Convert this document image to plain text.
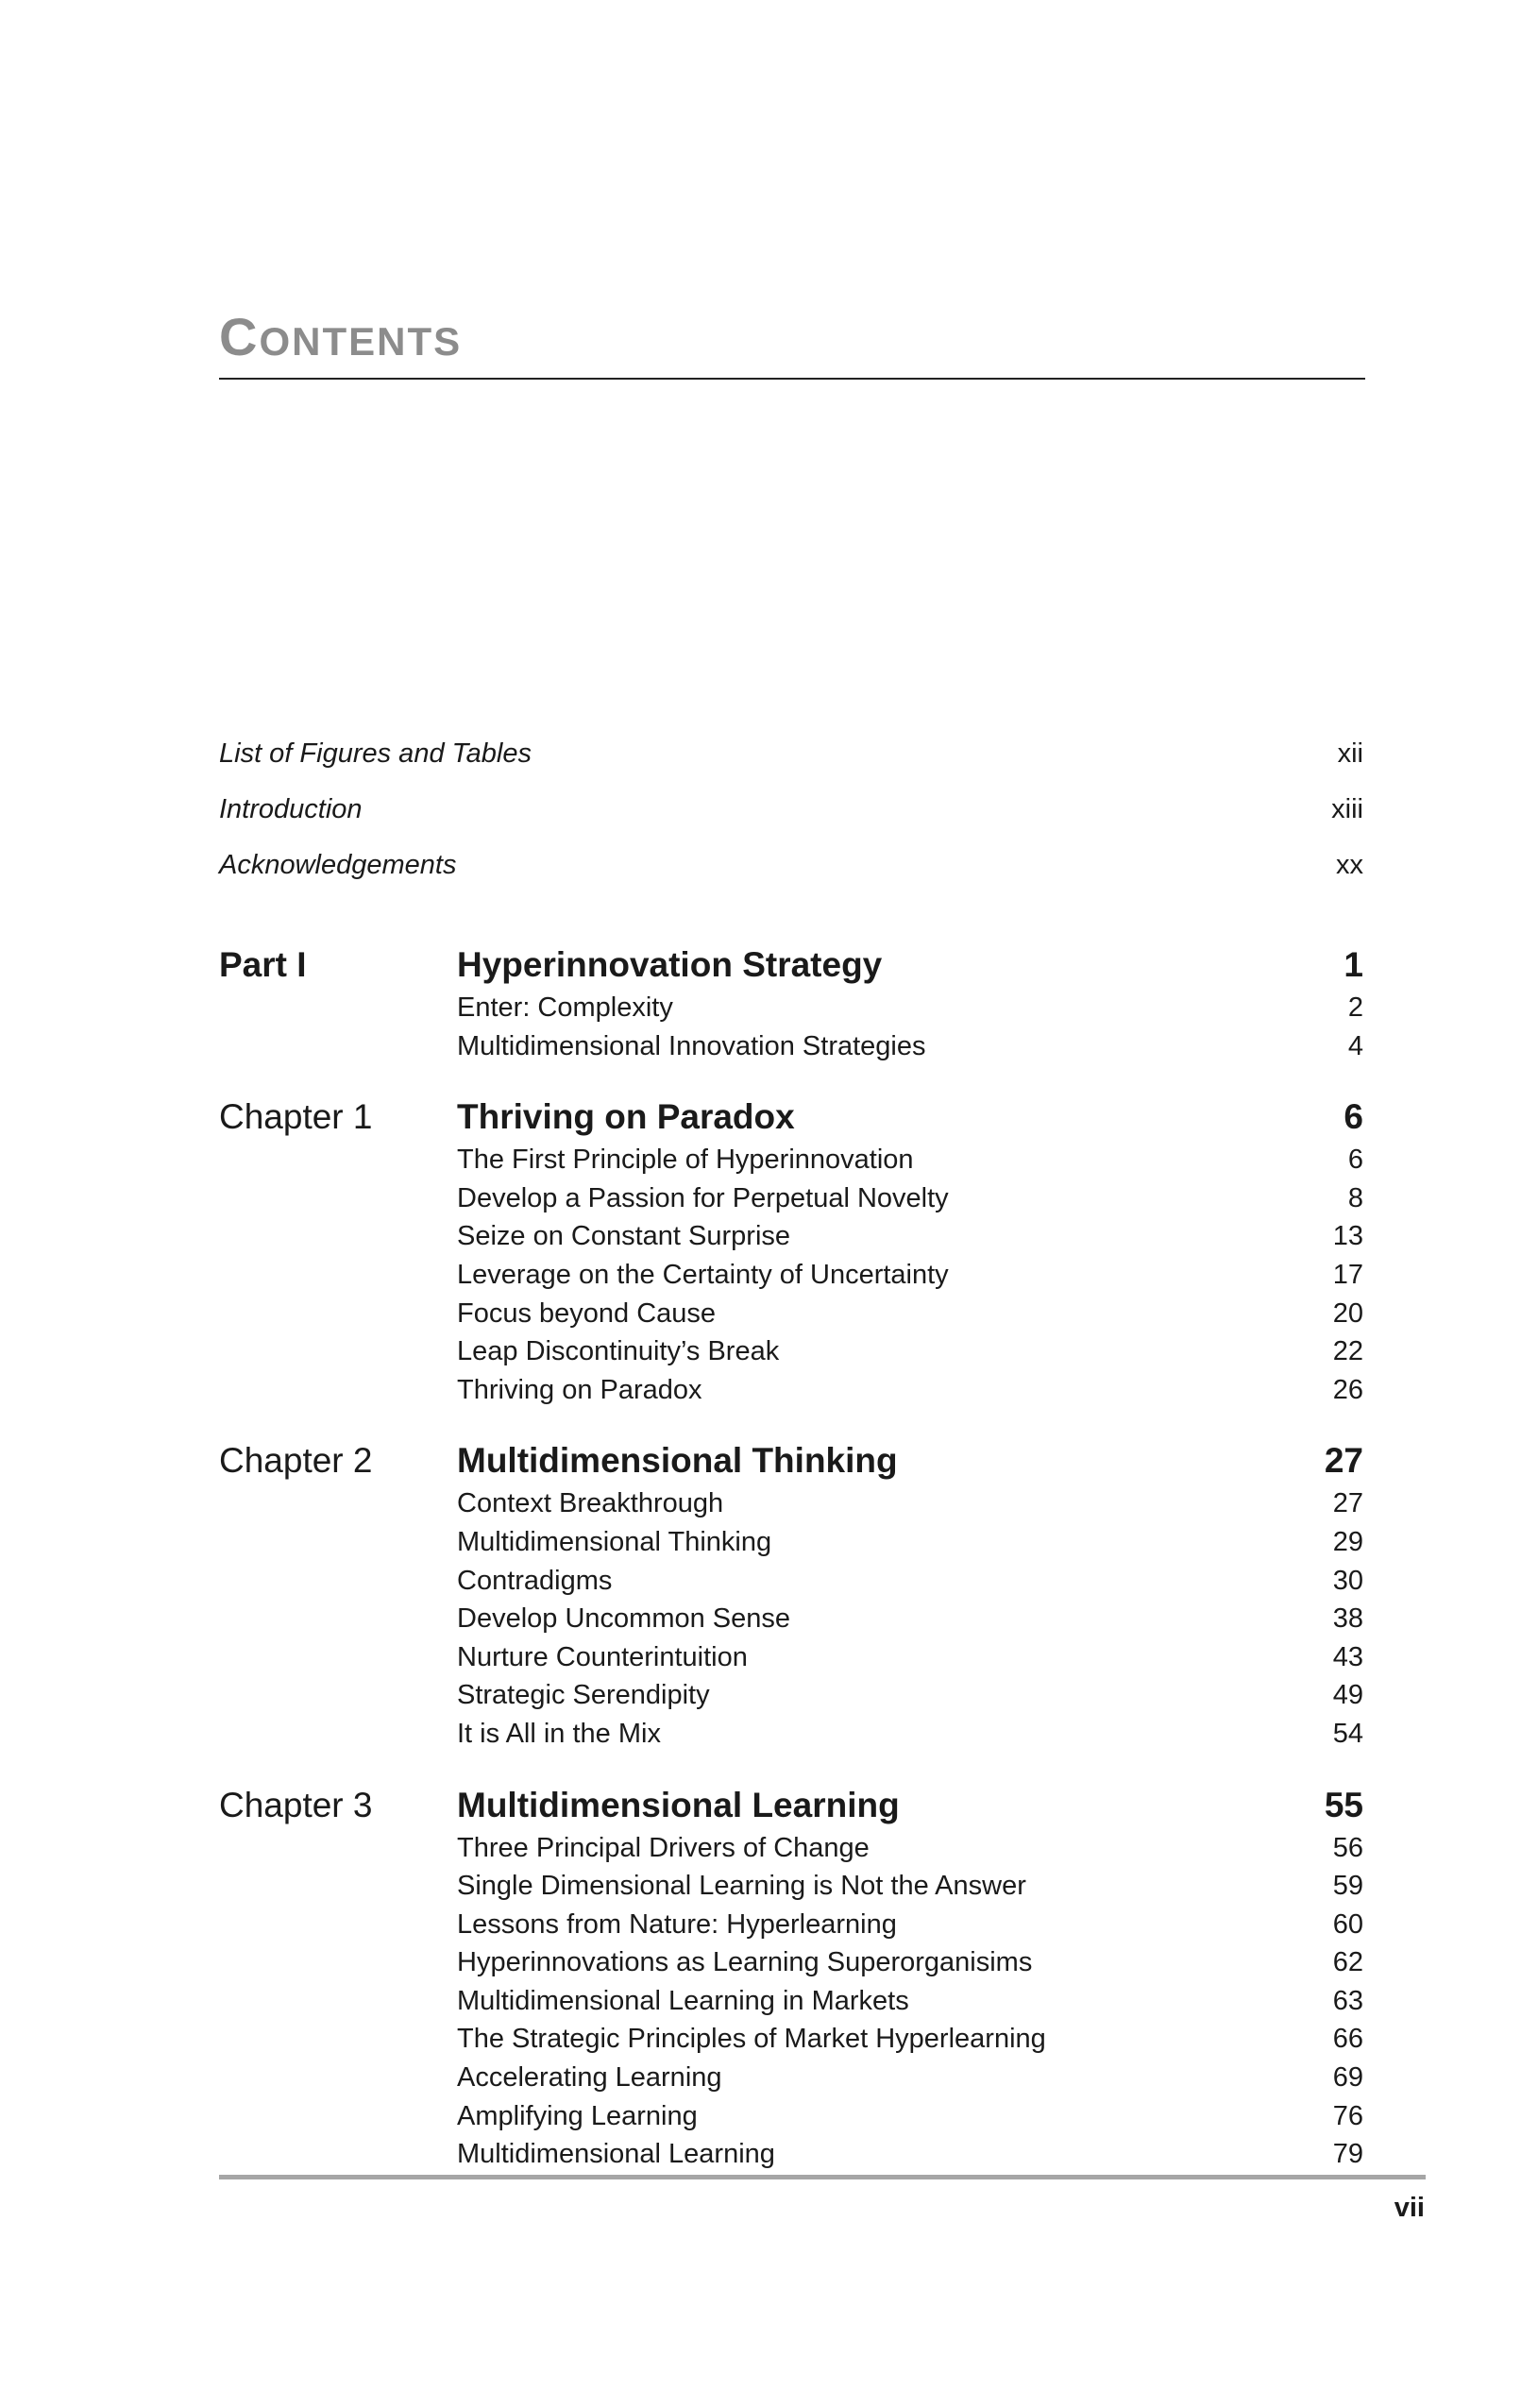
CONTENTS
List of Figures and Tables	xii
Introduction	xiii
Acknowledgements	xx
Part I	Hyperinnovation Strategy	1
Enter: Complexity	2
Multidimensional Innovation Strategies	4
Chapter 1	Thriving on Paradox	6
The First Principle of Hyperinnovation	6
Develop a Passion for Perpetual Novelty	8
Seize on Constant Surprise	13
Leverage on the Certainty of Uncertainty	17
Focus beyond Cause	20
Leap Discontinuity’s Break	22
Thriving on Paradox	26
Chapter 2	Multidimensional Thinking	27
Context Breakthrough	27
Multidimensional Thinking	29
Contradigms	30
Develop Uncommon Sense	38
Nurture Counterintuition	43
Strategic Serendipity	49
It is All in the Mix	54
Chapter 3	Multidimensional Learning	55
Three Principal Drivers of Change	56
Single Dimensional Learning is Not the Answer	59
Lessons from Nature: Hyperlearning	60
Hyperinnovations as Learning Superorganisims	62
Multidimensional Learning in Markets	63
The Strategic Principles of Market Hyperlearning	66
Accelerating Learning	69
Amplifying Learning	76
Multidimensional Learning	79
vii
